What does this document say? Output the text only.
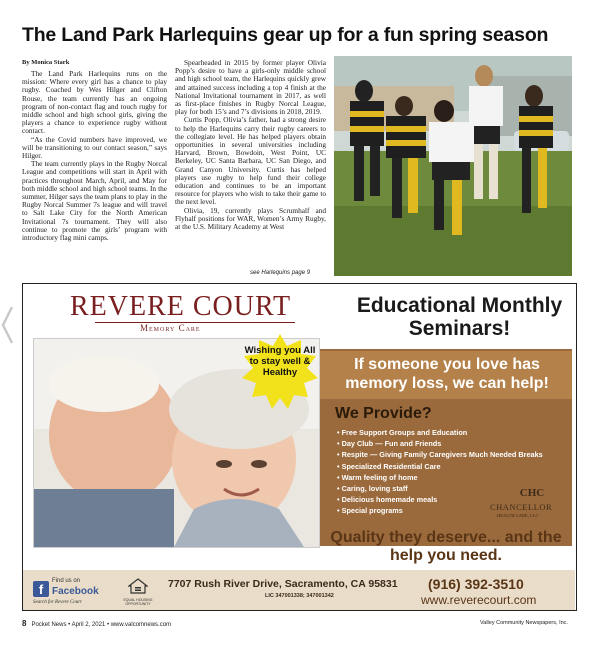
The Land Park Harlequins gear up for a fun spring season
By Monica Stark

The Land Park Harlequins runs on the mission: Where every girl has a chance to play rugby. Coached by Wes Hilger and Clifton Rouse, the team currently has an ongoing program of non-contact flag and touch rugby for middle school and high school girls, giving the players a chance to experience rugby without contact.

“As the Covid numbers have improved, we will be transitioning to our contact season,” says Hilger.

The team currently plays in the Rugby Norcal League and competitions will start in April with practices throughout March, April, and May for both middle school and high school teams. In the summer, Hilger says the team plans to play in the Rugby Norcal Summer 7s league and will travel to Salt Lake City for the North American Invitational 7s tournament. They will also continue to promote the girls’ program with introductory flag mini camps.

Spearheaded in 2015 by former player Olivia Popp’s desire to have a girls-only middle school and high school team, the Harlequins quickly grew and attained success including a top 4 finish at the National Invitational tournament in 2017, as well as first-place finishes in Rugby Norcal League, play for both 15’s and 7’s divisions in 2018, 2019.

Curtis Popp, Olivia’s father, had a strong desire to help the Harlequins carry their rugby careers to the collegiate level. He has helped players obtain opportunities in several universities including Harvard, Brown, Bowdoin, West Point, UC Berkeley, UC Santa Barbara, UC San Diego, and Grand Canyon University. Curtis has helped players use rugby to help fund their college education and continues to be an important resource for players who wish to take their game to the next level.

Olivia, 19, currently plays Scrumhalf and Flyhalf positions for WAR, Women’s Army Rugby, at the U.S. Military Academy at West

see Harlequins page 9
REVERE COURT
Memory Care
Educational Monthly Seminars!
Wishing you All to stay well & Healthy	If someone you love has memory loss, we can help!
We Provide?
• Free Support Groups and Education
• Day Club — Fun and Friends
• Respite — Giving Family Caregivers Much Needed Breaks
• Specialized Residential Care
• Warm feeling of home
• Caring, loving staff
• Delicious homemade meals
• Special programs
CHC
CHANCELLOR
HEALTH CARE, LLC
Quality they deserve... and the help you need.
f
Find us on
Facebook
Search for Revere Court	EQUAL HOUSING OPPORTUNITY
7707 Rush River Drive, Sacramento, CA 95831
LIC 347001338; 347001342
(916) 392-3510
www.reverecourt.com
8 Pocket News • April 2, 2021 • www.valcomnews.com	Valley Community Newspapers, Inc.
